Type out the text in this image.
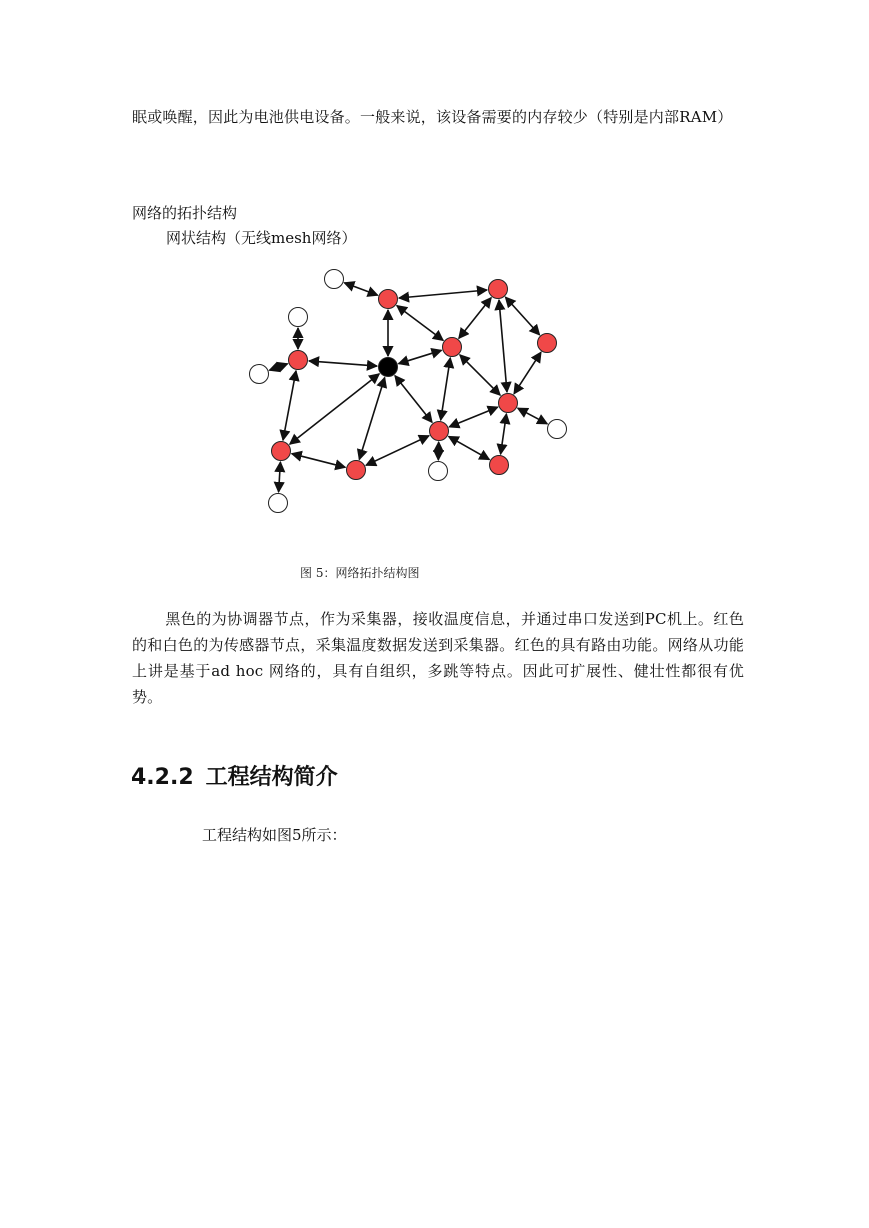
眠或唤醒，因此为电池供电设备。一般来说，该设备需要的内存较少（特别是内部RAM）
网络的拓扑结构
网状结构（无线mesh网络）
图 5：网络拓扑结构图
黑色的为协调器节点，作为采集器，接收温度信息，并通过串口发送到PC机上。红色的和白色的为传感器节点，采集温度数据发送到采集器。红色的具有路由功能。网络从功能上讲是基于ad hoc 网络的，具有自组织，多跳等特点。因此可扩展性、健壮性都很有优势。
4.2.2 工程结构简介
工程结构如图5所示：
